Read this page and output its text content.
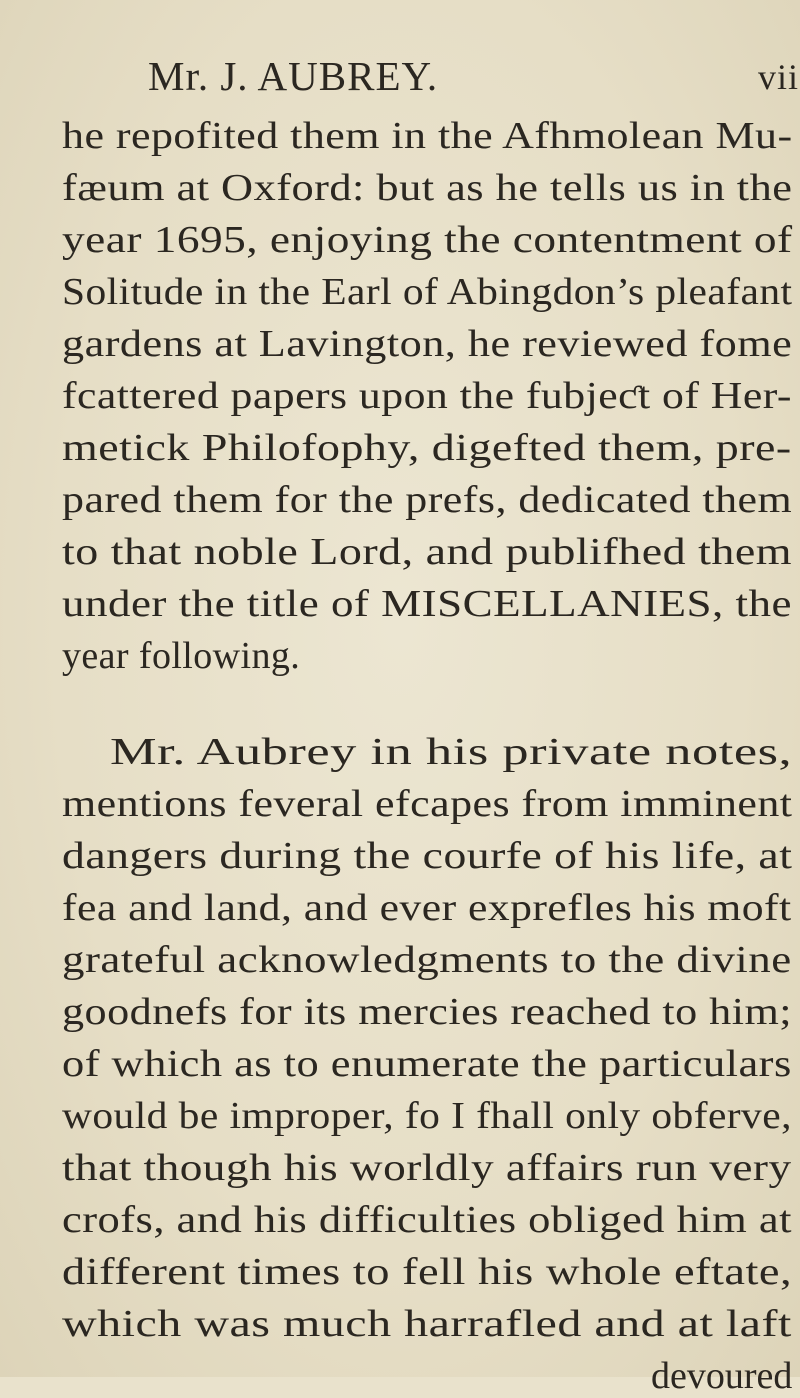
Mr. J. AUBREY.	vii
he repofited them in the Afhmolean Mu-
fæum at Oxford: but as he tells us in the
year 1695, enjoying the contentment of
Solitude in the Earl of Abingdon’s pleafant
gardens at Lavington, he reviewed fome
fcattered papers upon the fubjeƈt of Her-
metick Philofophy, digefted them, pre-
pared them for the prefs, dedicated them
to that noble Lord, and publifhed them
under the title of MISCELLANIES, the
year following.
Mr. Aubrey in his private notes,
mentions feveral efcapes from imminent
dangers during the courfe of his life, at
fea and land, and ever exprefles his moft
grateful acknowledgments to the divine
goodnefs for its mercies reached to him;
of which as to enumerate the particulars
would be improper, fo I fhall only obferve,
that though his worldly affairs run very
crofs, and his difficulties obliged him at
different times to fell his whole eftate,
which was much harrafled and at laft
devoured
